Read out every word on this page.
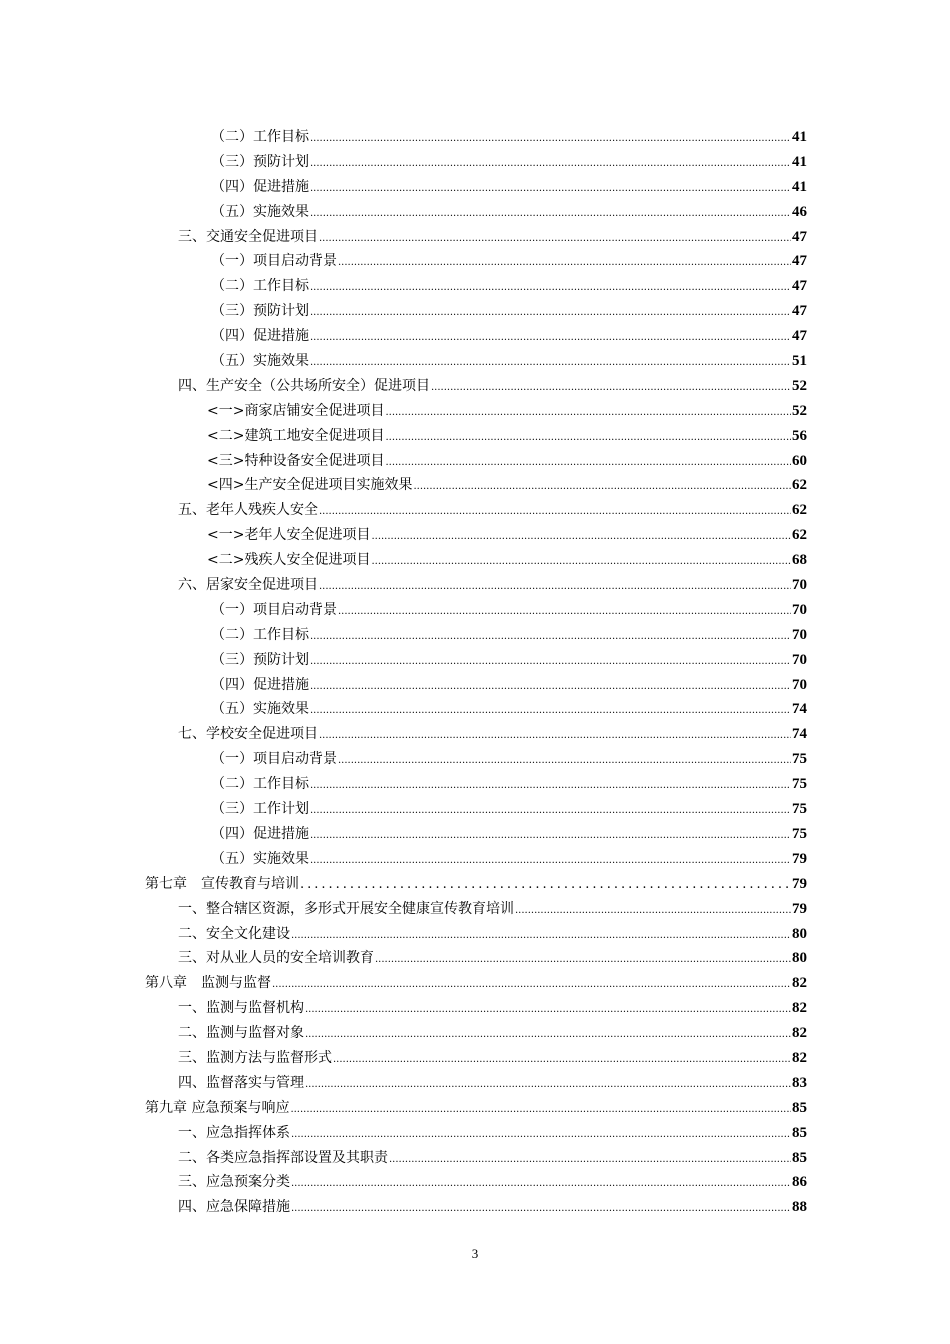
（二）工作目标 .....	41
（三）预防计划 .....	41
（四）促进措施 .....	41
（五）实施效果 .....	46
三、交通安全促进项目 .....	47
（一）项目启动背景 .....	47
（二）工作目标 .....	47
（三）预防计划 .....	47
（四）促进措施 .....	47
（五）实施效果 .....	51
四、生产安全（公共场所安全）促进项目 .....	52
<一>商家店铺安全促进项目 .....	52
<二>建筑工地安全促进项目 .....	56
<三>特种设备安全促进项目 .....	60
<四>生产安全促进项目实施效果 .....	62
五、老年人残疾人安全 .....	62
<一>老年人安全促进项目 .....	62
<二>残疾人安全促进项目 .....	68
六、居家安全促进项目 .....	70
（一）项目启动背景 .....	70
（二）工作目标 .....	70
（三）预防计划 .....	70
（四）促进措施 .....	70
（五）实施效果 .....	74
七、学校安全促进项目 .....	74
（一）项目启动背景 .....	75
（二）工作目标 .....	75
（三）工作计划 .....	75
（四）促进措施 .....	75
（五）实施效果 .....	79
第七章　宣传教育与培训 .....	79
一、整合辖区资源，多形式开展安全健康宣传教育培训 .....	79
二、安全文化建设 .....	80
三、对从业人员的安全培训教育 .....	80
第八章　监测与监督 .....	82
一、监测与监督机构 .....	82
二、监测与监督对象 .....	82
三、监测方法与监督形式 .....	82
四、监督落实与管理 .....	83
第九章 应急预案与响应 .....	85
一、应急指挥体系 .....	85
二、各类应急指挥部设置及其职责 .....	85
三、应急预案分类 .....	86
四、应急保障措施 .....	88
3
